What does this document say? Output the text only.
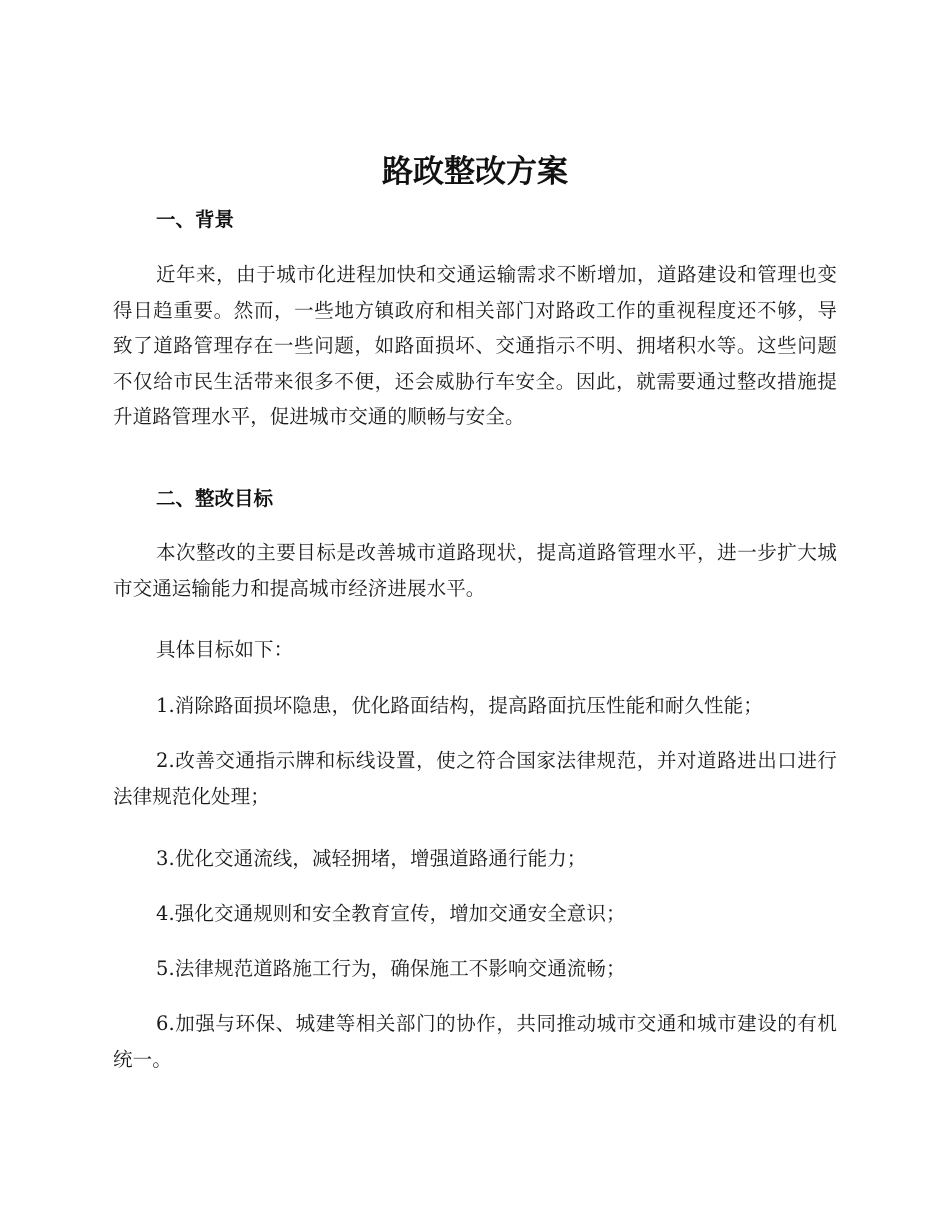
路政整改方案
一、背景

近年来，由于城市化进程加快和交通运输需求不断增加，道路建设和管理也变得日趋重要。然而，一些地方镇政府和相关部门对路政工作的重视程度还不够，导致了道路管理存在一些问题，如路面损坏、交通指示不明、拥堵积水等。这些问题不仅给市民生活带来很多不便，还会威胁行车安全。因此，就需要通过整改措施提升道路管理水平，促进城市交通的顺畅与安全。

二、整改目标

本次整改的主要目标是改善城市道路现状，提高道路管理水平，进一步扩大城市交通运输能力和提高城市经济进展水平。

具体目标如下：

1.消除路面损坏隐患，优化路面结构，提高路面抗压性能和耐久性能；

2.改善交通指示牌和标线设置，使之符合国家法律规范，并对道路进出口进行法律规范化处理；

3.优化交通流线，减轻拥堵，增强道路通行能力；

4.强化交通规则和安全教育宣传，增加交通安全意识；

5.法律规范道路施工行为，确保施工不影响交通流畅；

6.加强与环保、城建等相关部门的协作，共同推动城市交通和城市建设的有机统一。
